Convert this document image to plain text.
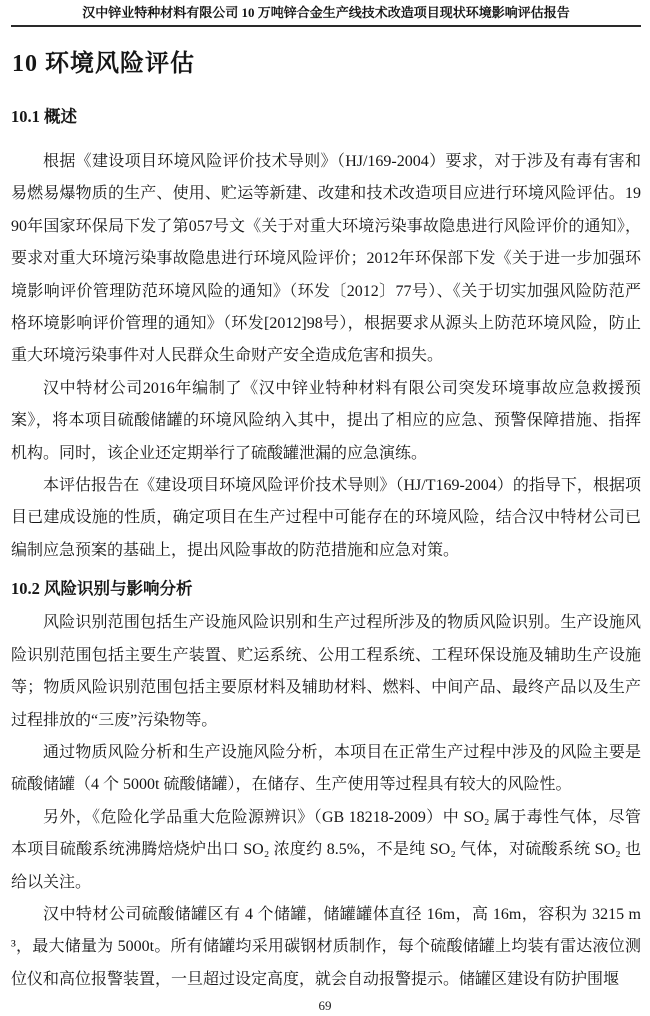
汉中锌业特种材料有限公司 10 万吨锌合金生产线技术改造项目现状环境影响评估报告
10 环境风险评估
10.1 概述

根据《建设项目环境风险评价技术导则》（HJ/169-2004）要求，对于涉及有毒有害和易燃易爆物质的生产、使用、贮运等新建、改建和技术改造项目应进行环境风险评估。1990年国家环保局下发了第057号文《关于对重大环境污染事故隐患进行风险评价的通知》，要求对重大环境污染事故隐患进行环境风险评价；2012年环保部下发《关于进一步加强环境影响评价管理防范环境风险的通知》（环发〔2012〕77号）、《关于切实加强风险防范严格环境影响评价管理的通知》（环发[2012]98号），根据要求从源头上防范环境风险，防止重大环境污染事件对人民群众生命财产安全造成危害和损失。

汉中特材公司2016年编制了《汉中锌业特种材料有限公司突发环境事故应急救援预案》，将本项目硫酸储罐的环境风险纳入其中，提出了相应的应急、预警保障措施、指挥机构。同时，该企业还定期举行了硫酸罐泄漏的应急演练。

本评估报告在《建设项目环境风险评价技术导则》（HJ/T169-2004）的指导下，根据项目已建成设施的性质，确定项目在生产过程中可能存在的环境风险，结合汉中特材公司已编制应急预案的基础上，提出风险事故的防范措施和应急对策。

10.2 风险识别与影响分析

风险识别范围包括生产设施风险识别和生产过程所涉及的物质风险识别。生产设施风险识别范围包括主要生产装置、贮运系统、公用工程系统、工程环保设施及辅助生产设施等；物质风险识别范围包括主要原材料及辅助材料、燃料、中间产品、最终产品以及生产过程排放的“三废”污染物等。

通过物质风险分析和生产设施风险分析，本项目在正常生产过程中涉及的风险主要是硫酸储罐（4 个 5000t 硫酸储罐），在储存、生产使用等过程具有较大的风险性。

另外，《危险化学品重大危险源辨识》（GB 18218-2009）中 SO₂ 属于毒性气体，尽管本项目硫酸系统沸腾焙烧炉出口 SO₂ 浓度约 8.5%，不是纯 SO₂ 气体，对硫酸系统 SO₂ 也给以关注。

汉中特材公司硫酸储罐区有 4 个储罐，储罐罐体直径 16m，高 16m，容积为 3215 m³，最大储量为 5000t。所有储罐均采用碳钢材质制作，每个硫酸储罐上均装有雷达液位测位仪和高位报警装置，一旦超过设定高度，就会自动报警提示。储罐区建设有防护围堰

69
